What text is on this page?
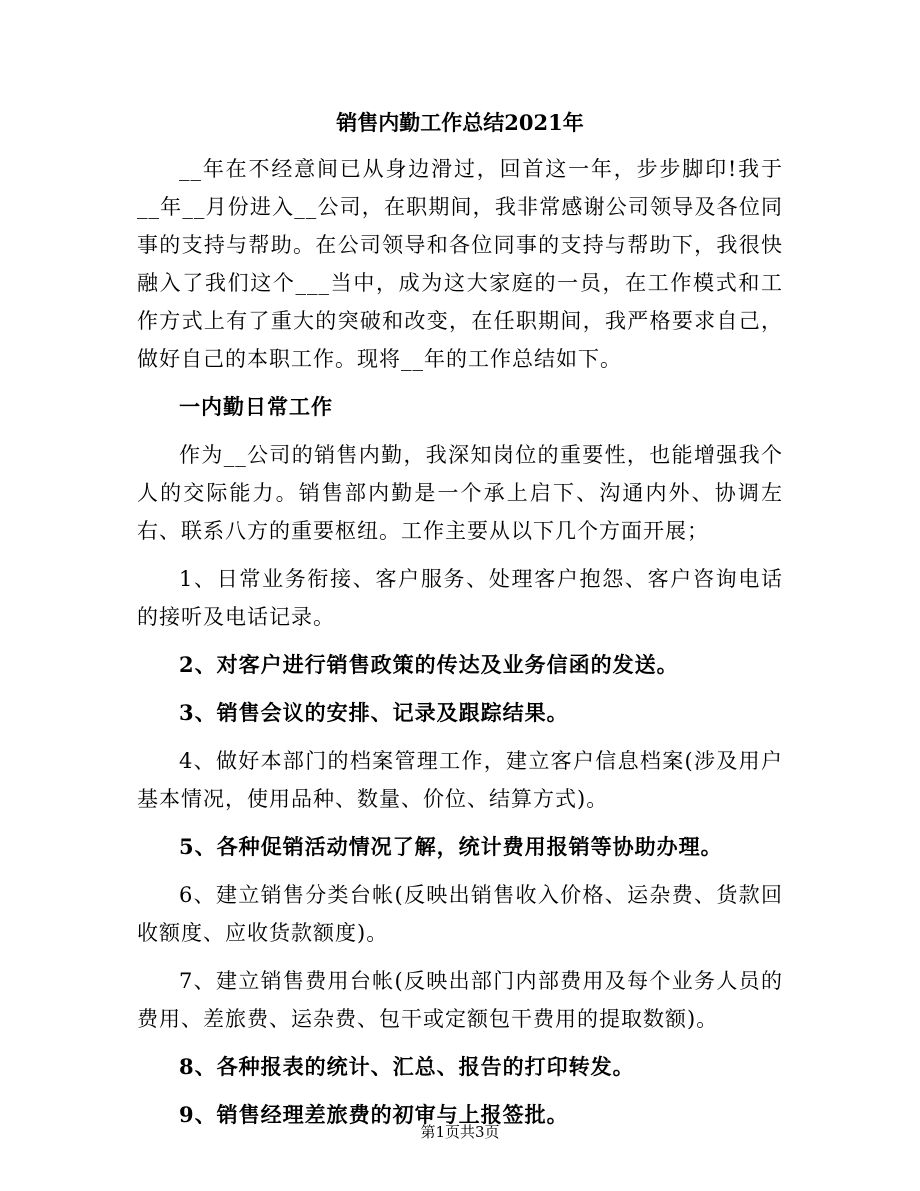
销售内勤工作总结2021年

__年在不经意间已从身边滑过，回首这一年，步步脚印!我于__年__月份进入__公司，在职期间，我非常感谢公司领导及各位同事的支持与帮助。在公司领导和各位同事的支持与帮助下，我很快融入了我们这个___当中，成为这大家庭的一员，在工作模式和工作方式上有了重大的突破和改变，在任职期间，我严格要求自己，做好自己的本职工作。现将__年的工作总结如下。

一内勤日常工作

作为__公司的销售内勤，我深知岗位的重要性，也能增强我个人的交际能力。销售部内勤是一个承上启下、沟通内外、协调左右、联系八方的重要枢纽。工作主要从以下几个方面开展；

1、日常业务衔接、客户服务、处理客户抱怨、客户咨询电话的接听及电话记录。

2、对客户进行销售政策的传达及业务信函的发送。

3、销售会议的安排、记录及跟踪结果。

4、做好本部门的档案管理工作，建立客户信息档案(涉及用户基本情况，使用品种、数量、价位、结算方式)。

5、各种促销活动情况了解，统计费用报销等协助办理。

6、建立销售分类台帐(反映出销售收入价格、运杂费、货款回收额度、应收货款额度)。

7、建立销售费用台帐(反映出部门内部费用及每个业务人员的费用、差旅费、运杂费、包干或定额包干费用的提取数额)。

8、各种报表的统计、汇总、报告的打印转发。

9、销售经理差旅费的初审与上报签批。

第1页共3页
